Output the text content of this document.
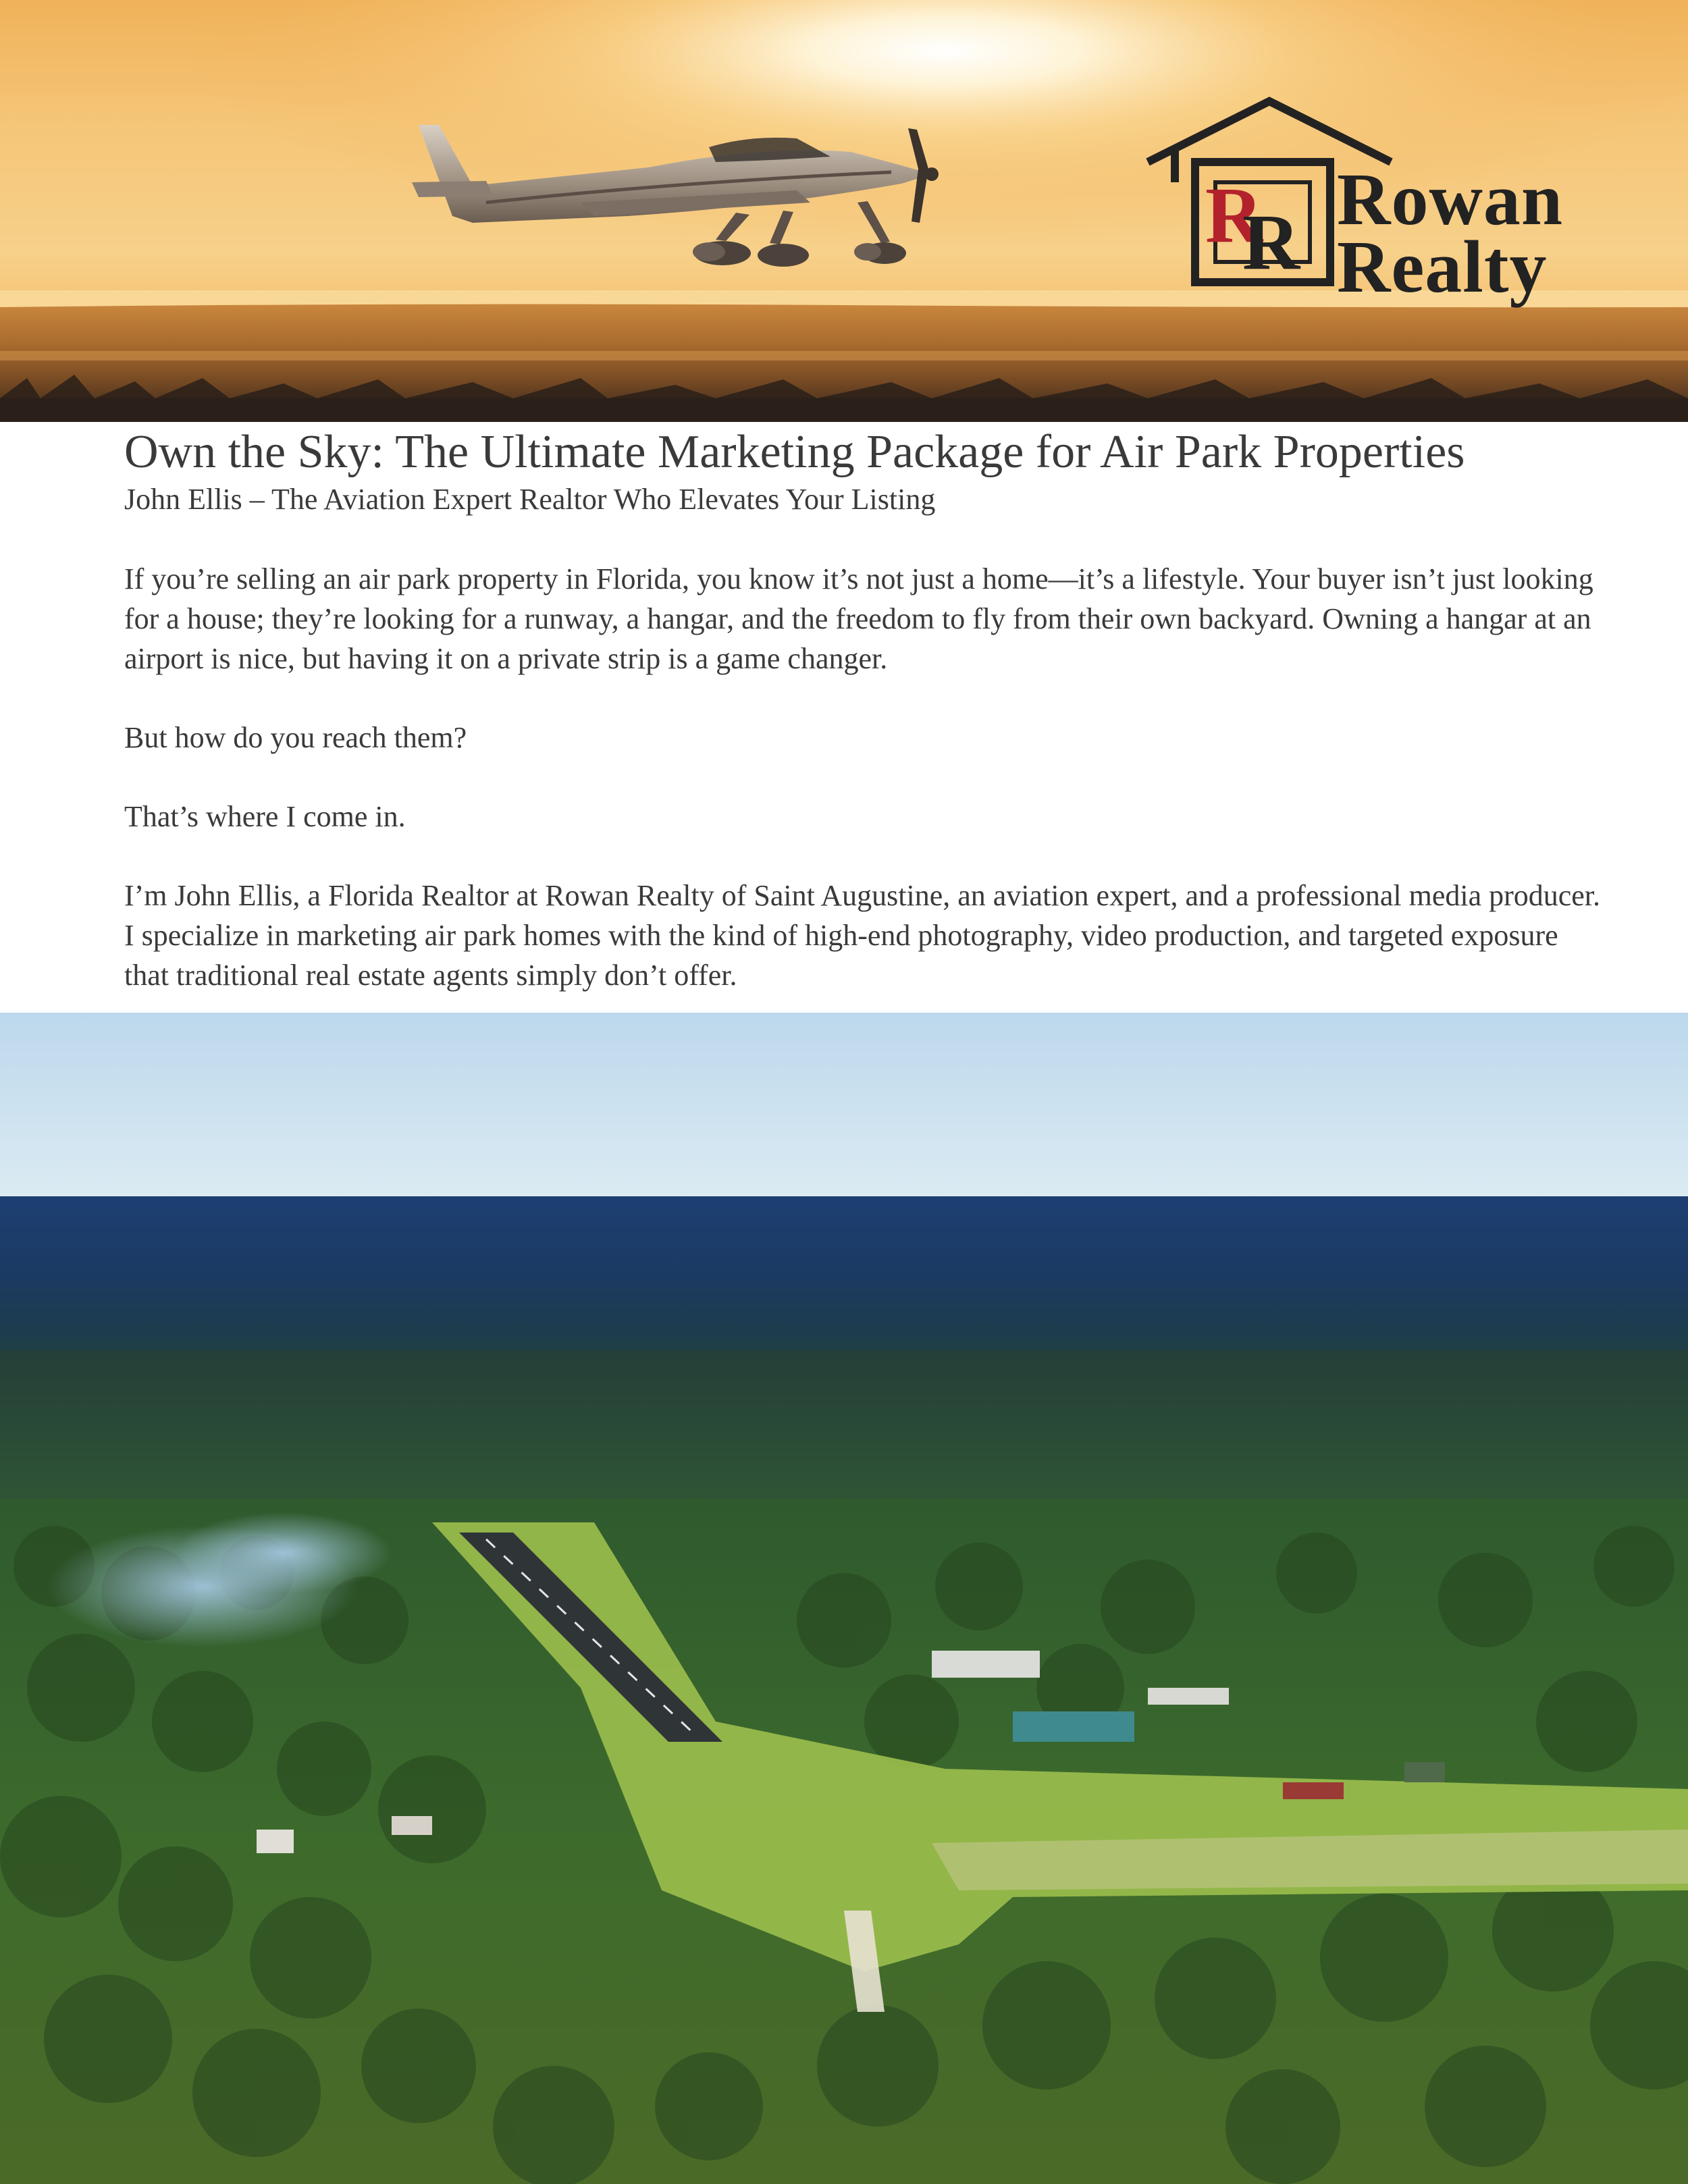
R
R Rowan
Realty
Own the Sky: The Ultimate Marketing Package for Air Park Properties

John Ellis – The Aviation Expert Realtor Who Elevates Your Listing

If you’re selling an air park property in Florida, you know it’s not just a home—it’s a lifestyle. Your buyer isn’t just looking for a house; they’re looking for a runway, a hangar, and the freedom to fly from their own backyard. Owning a hangar at an airport is nice, but having it on a private strip is a game changer.

But how do you reach them?

That’s where I come in.

I’m John Ellis, a Florida Realtor at Rowan Realty of Saint Augustine, an aviation expert, and a professional media producer. I specialize in marketing air park homes with the kind of high-end photography, video production, and targeted exposure that traditional real estate agents simply don’t offer.
